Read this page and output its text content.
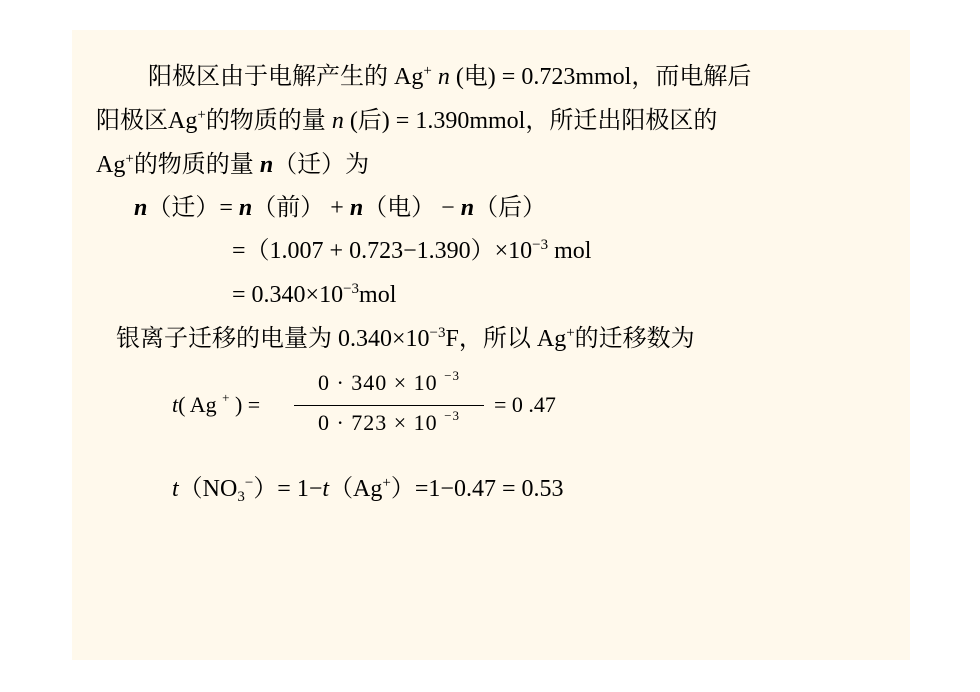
阳极区由于电解产生的 Ag+ n (电) = 0.723mmol，而电解后
阳极区Ag+的物质的量 n (后) = 1.390mmol，所迁出阳极区的
Ag+的物质的量 n（迁）为
n（迁）= n（前） + n（电） − n（后）
$=(1.007 + 0.723-1.390)\times 10^{-3}$ mol
= $0.340\times 10^{-3}mol$
银离子迁移的电量为 $0.340\times 10^{-3}F$，所以 Ag+的迁移数为
t( Ag + ) =
0 · 340 × 10 $^{-3}$
0 · 723 × 10 $^{-3}$	= 0 .47
$t(NO_3^-)= 1-t(Ag^+)=1-0.47 = 0.53$
